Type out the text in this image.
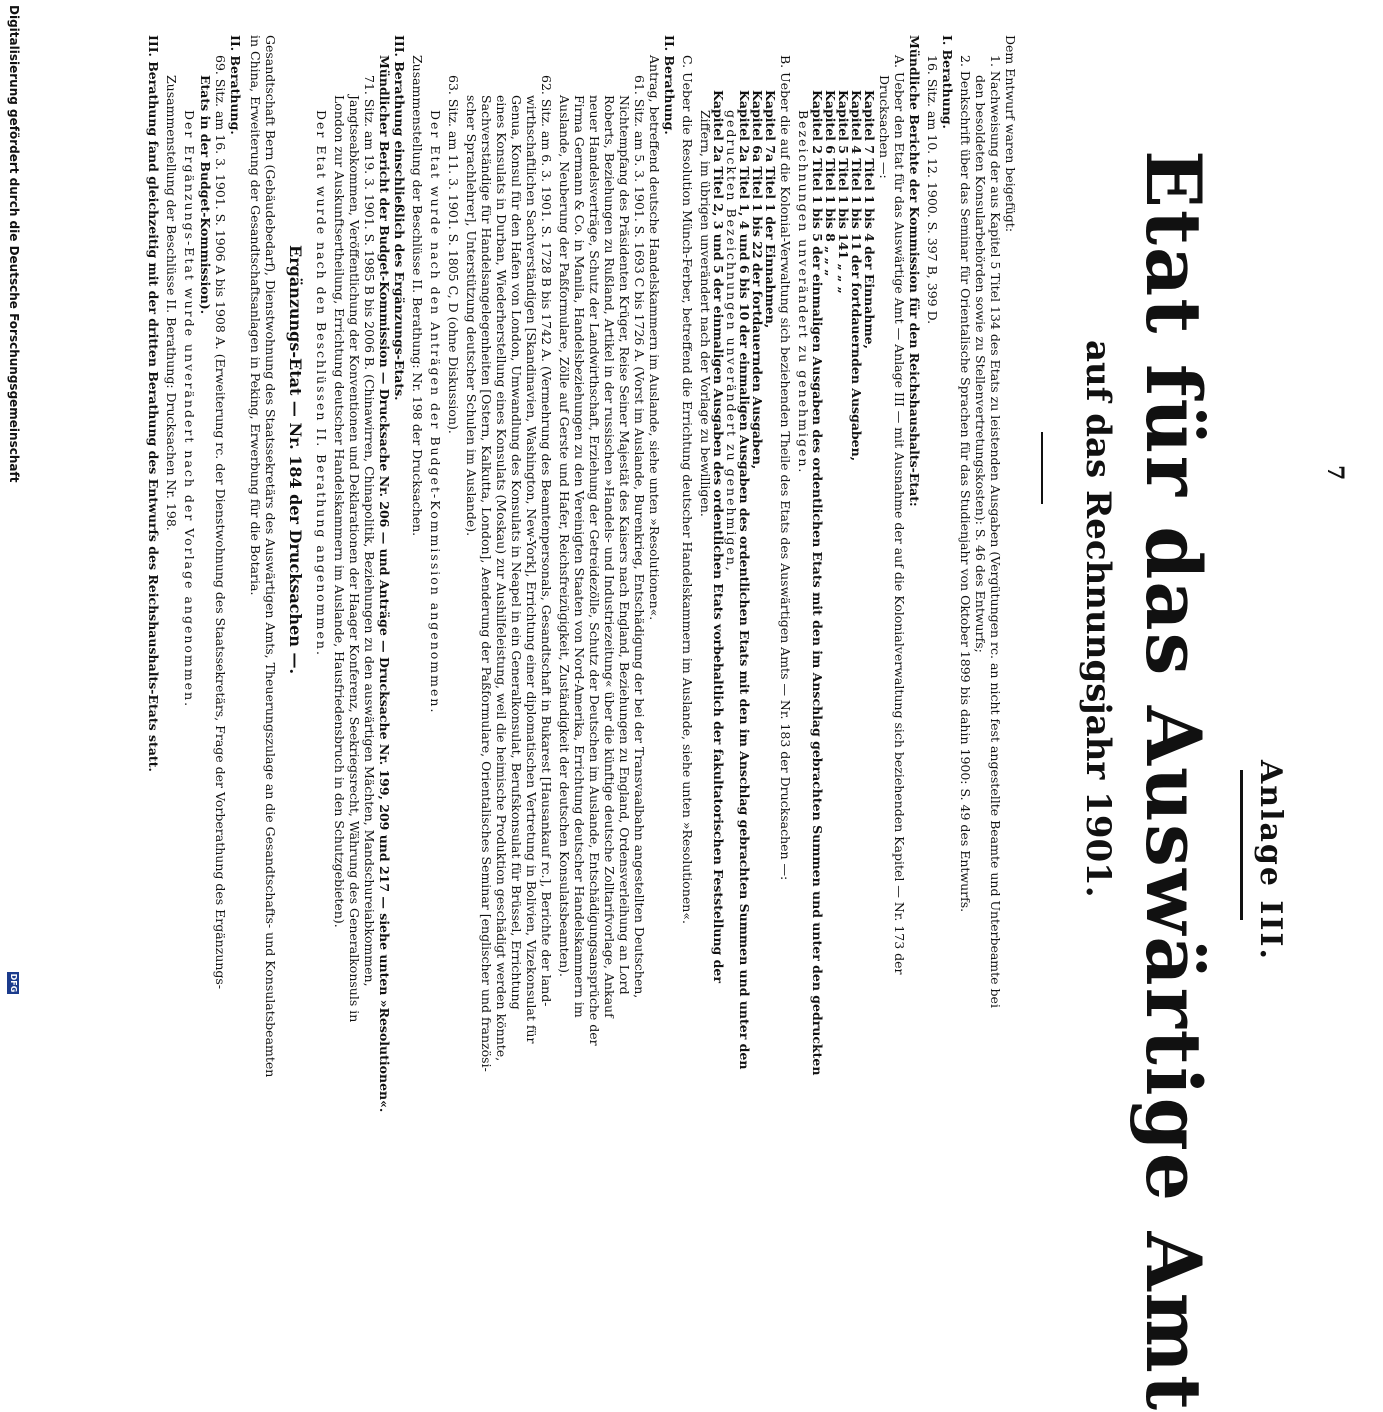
7
Anlage III.
Etat für das Auswärtige Amt
auf das Rechnungsjahr 1901.
Dem Entwurf waren beigefügt:
1. Nachweisung der aus Kapitel 5 Titel 134 des Etats zu leistenden Ausgaben (Vergütungen rc. an nicht fest angestellte Beamte und Unterbeamte bei
den besoldeten Konsularbehörden sowie zu Stellenvertretungskosten): S. 46 des Entwurfs;
2. Denkschrift über das Seminar für Orientalische Sprachen für das Studienjahr von Oktober 1899 bis dahin 1900: S. 49 des Entwurfs.
I. Berathung.
16. Sitz. am 10. 12. 1900. S. 397 B, 399 D.
Mündliche Berichte der Kommission für den Reichshaushalts-Etat:
A. Ueber den Etat für das Auswärtige Amt — Anlage III — mit Ausnahme der auf die Kolonialverwaltung sich beziehenden Kapitel — Nr. 173 der
Drucksachen —:
Kapitel 7 Titel 1 bis 4 der Einnahme,
Kapitel 4 Titel 1 bis 11 der fortdauernden Ausgaben,
Kapitel 5 Titel 1 bis 141 „ „ „
Kapitel 6 Titel 1 bis 8 „ „ „
Kapitel 2 Titel 1 bis 5 der einmaligen Ausgaben des ordentlichen Etats mit den im Anschlag gebrachten Summen und unter den gedruckten
Bezeichnungen unverändert zu genehmigen.
B. Ueber die auf die Kolonial-Verwaltung sich beziehenden Theile des Etats des Auswärtigen Amts — Nr. 183 der Drucksachen —:
Kapitel 7a Titel 1 der Einnahmen,
Kapitel 6a Titel 1 bis 22 der fortdauernden Ausgaben,
Kapitel 2a Titel 1, 4 und 6 bis 10 der einmaligen Ausgaben des ordentlichen Etats mit den im Anschlag gebrachten Summen und unter den
gedruckten Bezeichnungen unverändert zu genehmigen,
Kapitel 2a Titel 2, 3 und 5 der einmaligen Ausgaben des ordentlichen Etats vorbehaltlich der fakultatorischen Feststellung der
Ziffern, im übrigen unverändert nach der Vorlage zu bewilligen.
C. Ueber die Resolution Münch-Ferber, betreffend die Errichtung deutscher Handelskammern im Auslande, siehe unten »Resolutionen«.
II. Berathung.
Antrag, betreffend deutsche Handelskammern im Auslande, siehe unten »Resolutionen«.
61. Sitz. am 5. 3. 1901. S. 1693 C bis 1726 A. (Vorst im Auslande, Burenkrieg, Entschädigung der bei der Transvaalbahn angestellten Deutschen,
Nichtempfang des Präsidenten Krüger, Reise Seiner Majestät des Kaisers nach England, Beziehungen zu England, Ordensverleihung an Lord
Roberts, Beziehungen zu Rußland, Artikel in der russischen »Handels- und Industriezeitung« über die künftige deutsche Zolltarifvorlage, Ankauf
neuer Handelsverträge, Schutz der Landwirthschaft, Erziehung der Getreidezölle, Schutz der Deutschen im Auslande, Entschädigungsansprüche der
Firma Germann & Co. in Manila, Handelsbeziehungen zu den Vereinigten Staaten von Nord-Amerika, Errichtung deutscher Handelskammern im
Auslande, Neuberung der Paßformulare, Zölle auf Gerste und Hafer, Reichsfreizügigkeit, Zuständigkeit der deutschen Konsulatsbeamten).
62. Sitz. am 6. 3. 1901. S. 1728 B bis 1742 A. (Vermehrung des Beamtenpersonals, Gesandtschaft in Bukarest [Hausankauf rc.], Berichte der land-
wirthschaftlichen Sachverständigen [Skandinavien, Washington, New-York], Errichtung einer diplomatischen Vertretung in Bolivien, Vizekonsulat für
Genua, Konsul für den Hafen von London, Umwandlung des Konsulats in Neapel in ein Generalkonsulat, Berufskonsulat für Brüssel, Errichtung
eines Konsulats in Durban, Wiederherstellung eines Konsulats (Moskau) zur Aushilfeleistung, weil die heimische Produktion geschädigt werden könnte,
Sachverständige für Handelsangelegenheiten [Ostern, Kalkutta, London], Aenderung der Paßformulare, Orientalisches Seminar [englischer und französi-
scher Sprachlehrer], Unterstützung deutscher Schulen im Auslande).
63. Sitz. am 11. 3. 1901. S. 1805 C, D (ohne Diskussion).
Der Etat wurde nach den Anträgen der Budget-Kommission angenommen.
Zusammenstellung der Beschlüsse II. Berathung: Nr. 198 der Drucksachen.
III. Berathung einschließlich des Ergänzungs-Etats.
Mündlicher Bericht der Budget-Kommission — Drucksache Nr. 206 — und Anträge — Drucksache Nr. 199, 209 und 217 — siehe unten »Resolutionen«.
71. Sitz. am 19. 3. 1901. S. 1985 B bis 2006 B. (Chinawirren, Chinapolitik, Beziehungen zu den auswärtigen Mächten, Mandschureiabkommen,
Jangtseabkommen, Veröffentlichung der Konventionen und Deklarationen der Haager Konferenz, Seekriegsrecht, Währung des Generalkonsuls in
London zur Auskunftsertheilung, Errichtung deutscher Handelskammern im Auslande, Hausfriedensbruch in den Schutzgebieten).
Der Etat wurde nach den Beschlüssen II. Berathung angenommen.
Ergänzungs-Etat — Nr. 184 der Drucksachen —.
Gesandtschaft Bern (Gebäudebedarf), Dienstwohnung des Staatssekretärs des Auswärtigen Amts, Theuerungszulage an die Gesandtschafts- und Konsulatsbeamten
in China, Erweiterung der Gesandtschaftsanlagen in Peking, Erwerbung für die Botaria.
II. Berathung.
69. Sitz. am 16. 3. 1901. S. 1906 A bis 1908 A. (Erweiterung rc. der Dienstwohnung des Staatssekretärs, Frage der Vorberathung des Ergänzungs-
Etats in der Budget-Kommission).
Der Ergänzungs-Etat wurde unverändert nach der Vorlage angenommen.
Zusammenstellung der Beschlüsse II. Berathung: Drucksachen Nr. 198.
III. Berathung fand gleichzeitig mit der dritten Berathung des Entwurfs des Reichshaushalts-Etats statt.
Digitalisierung gefördert durch die Deutsche Forschungsgemeinschaft
DFG
